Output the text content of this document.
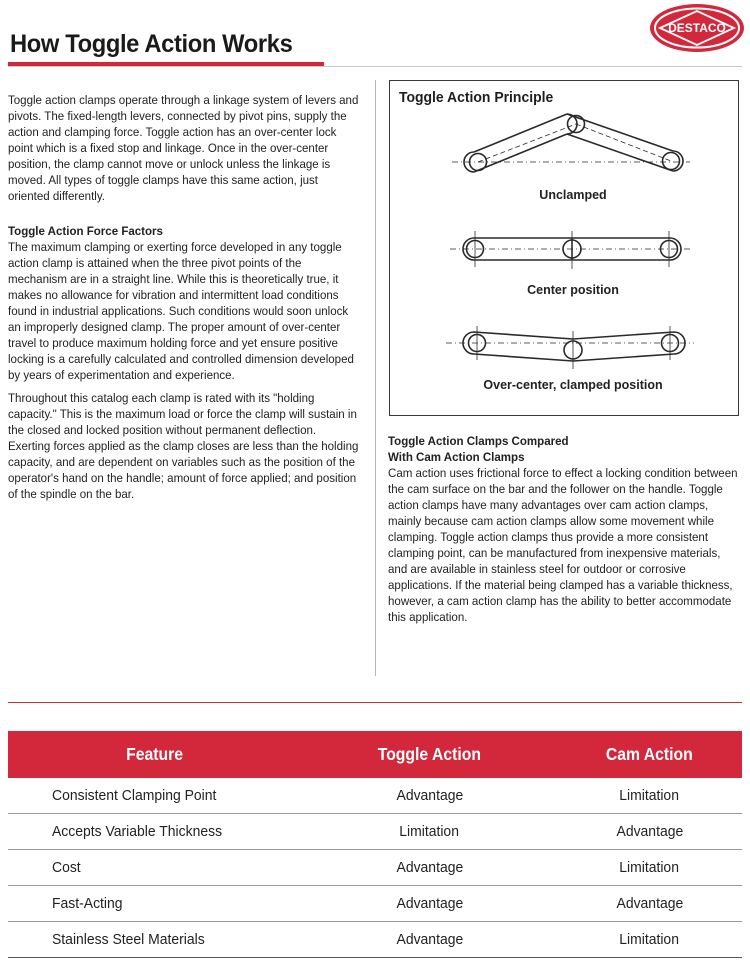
How Toggle Action Works
DESTACO

Toggle action clamps operate through a linkage system of levers and pivots. The fixed-length levers, connected by pivot pins, supply the action and clamping force. Toggle action has an over-center lock point which is a fixed stop and linkage. Once in the over-center position, the clamp cannot move or unlock unless the linkage is moved. All types of toggle clamps have this same action, just oriented differently.

Toggle Action Force Factors

The maximum clamping or exerting force developed in any toggle action clamp is attained when the three pivot points of the mechanism are in a straight line. While this is theoretically true, it makes no allowance for vibration and intermittent load conditions found in industrial applications. Such conditions would soon unlock an improperly designed clamp. The proper amount of over-center travel to produce maximum holding force and yet ensure positive locking is a carefully calculated and controlled dimension developed by years of experimentation and experience.

Throughout this catalog each clamp is rated with its "holding capacity." This is the maximum load or force the clamp will sustain in the closed and locked position without permanent deflection. Exerting forces applied as the clamp closes are less than the holding capacity, and are dependent on variables such as the position of the operator's hand on the handle; amount of force applied; and position of the spindle on the bar.

Toggle Action Principle
Unclamped
Center position
Over-center, clamped position
Toggle Action Clamps Compared
With Cam Action Clamps

Cam action uses frictional force to effect a locking condition between the cam surface on the bar and the follower on the handle. Toggle action clamps have many advantages over cam action clamps, mainly because cam action clamps allow some movement while clamping. Toggle action clamps thus provide a more consistent clamping point, can be manufactured from inexpensive materials, and are available in stainless steel for outdoor or corrosive applications. If the material being clamped has a variable thickness, however, a cam action clamp has the ability to better accommodate this application.

Feature	Toggle Action	Cam Action
Consistent Clamping Point	Advantage	Limitation
Accepts Variable Thickness	Limitation	Advantage
Cost	Advantage	Limitation
Fast-Acting	Advantage	Advantage
Stainless Steel Materials	Advantage	Limitation
